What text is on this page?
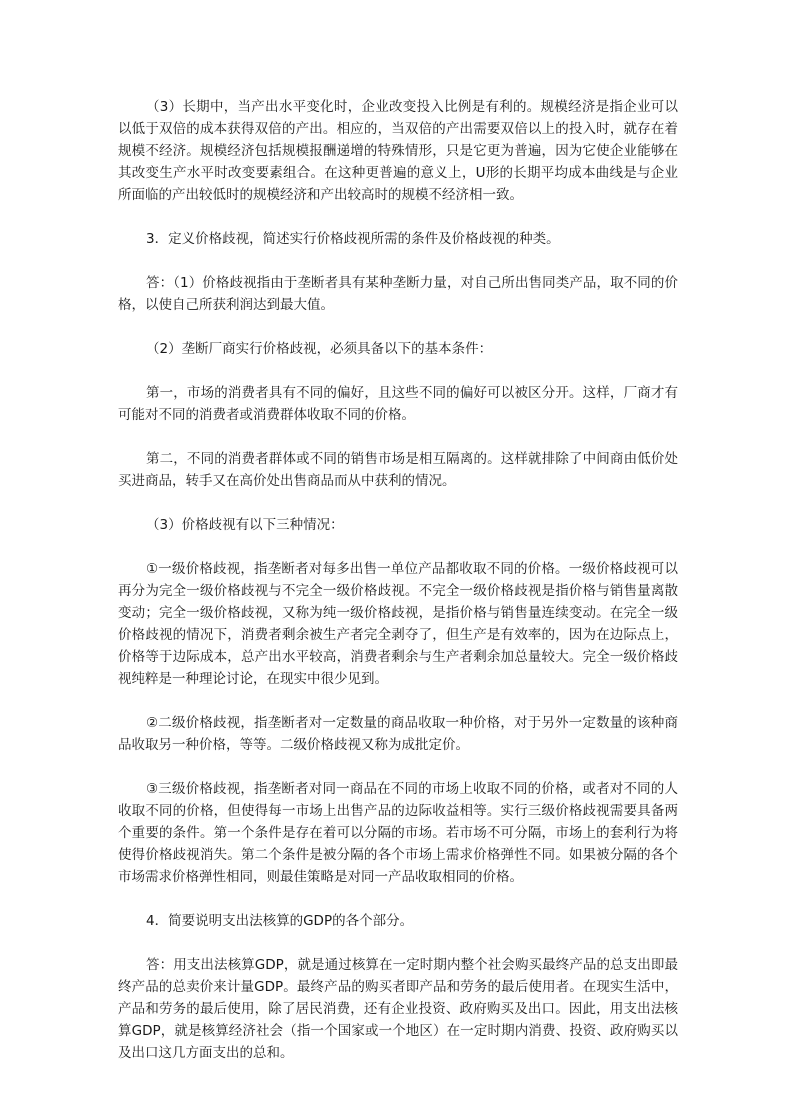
（3）长期中，当产出水平变化时，企业改变投入比例是有利的。规模经济是指企业可以以低于双倍的成本获得双倍的产出。相应的，当双倍的产出需要双倍以上的投入时，就存在着规模不经济。规模经济包括规模报酬递增的特殊情形，只是它更为普遍，因为它使企业能够在其改变生产水平时改变要素组合。在这种更普遍的意义上，U形的长期平均成本曲线是与企业所面临的产出较低时的规模经济和产出较高时的规模不经济相一致。

3．定义价格歧视，简述实行价格歧视所需的条件及价格歧视的种类。

答：（1）价格歧视指由于垄断者具有某种垄断力量，对自己所出售同类产品，取不同的价格，以使自己所获利润达到最大值。

（2）垄断厂商实行价格歧视，必须具备以下的基本条件：

第一，市场的消费者具有不同的偏好，且这些不同的偏好可以被区分开。这样，厂商才有可能对不同的消费者或消费群体收取不同的价格。

第二，不同的消费者群体或不同的销售市场是相互隔离的。这样就排除了中间商由低价处买进商品，转手又在高价处出售商品而从中获利的情况。

（3）价格歧视有以下三种情况：

①一级价格歧视，指垄断者对每多出售一单位产品都收取不同的价格。一级价格歧视可以再分为完全一级价格歧视与不完全一级价格歧视。不完全一级价格歧视是指价格与销售量离散变动；完全一级价格歧视，又称为纯一级价格歧视，是指价格与销售量连续变动。在完全一级价格歧视的情况下，消费者剩余被生产者完全剥夺了，但生产是有效率的，因为在边际点上，价格等于边际成本，总产出水平较高，消费者剩余与生产者剩余加总量较大。完全一级价格歧视纯粹是一种理论讨论，在现实中很少见到。

②二级价格歧视，指垄断者对一定数量的商品收取一种价格，对于另外一定数量的该种商品收取另一种价格，等等。二级价格歧视又称为成批定价。

③三级价格歧视，指垄断者对同一商品在不同的市场上收取不同的价格，或者对不同的人收取不同的价格，但使得每一市场上出售产品的边际收益相等。实行三级价格歧视需要具备两个重要的条件。第一个条件是存在着可以分隔的市场。若市场不可分隔，市场上的套利行为将使得价格歧视消失。第二个条件是被分隔的各个市场上需求价格弹性不同。如果被分隔的各个市场需求价格弹性相同，则最佳策略是对同一产品收取相同的价格。

4．简要说明支出法核算的GDP的各个部分。

答：用支出法核算GDP，就是通过核算在一定时期内整个社会购买最终产品的总支出即最终产品的总卖价来计量GDP。最终产品的购买者即产品和劳务的最后使用者。在现实生活中，产品和劳务的最后使用，除了居民消费，还有企业投资、政府购买及出口。因此，用支出法核算GDP，就是核算经济社会（指一个国家或一个地区）在一定时期内消费、投资、政府购买以及出口这几方面支出的总和。
